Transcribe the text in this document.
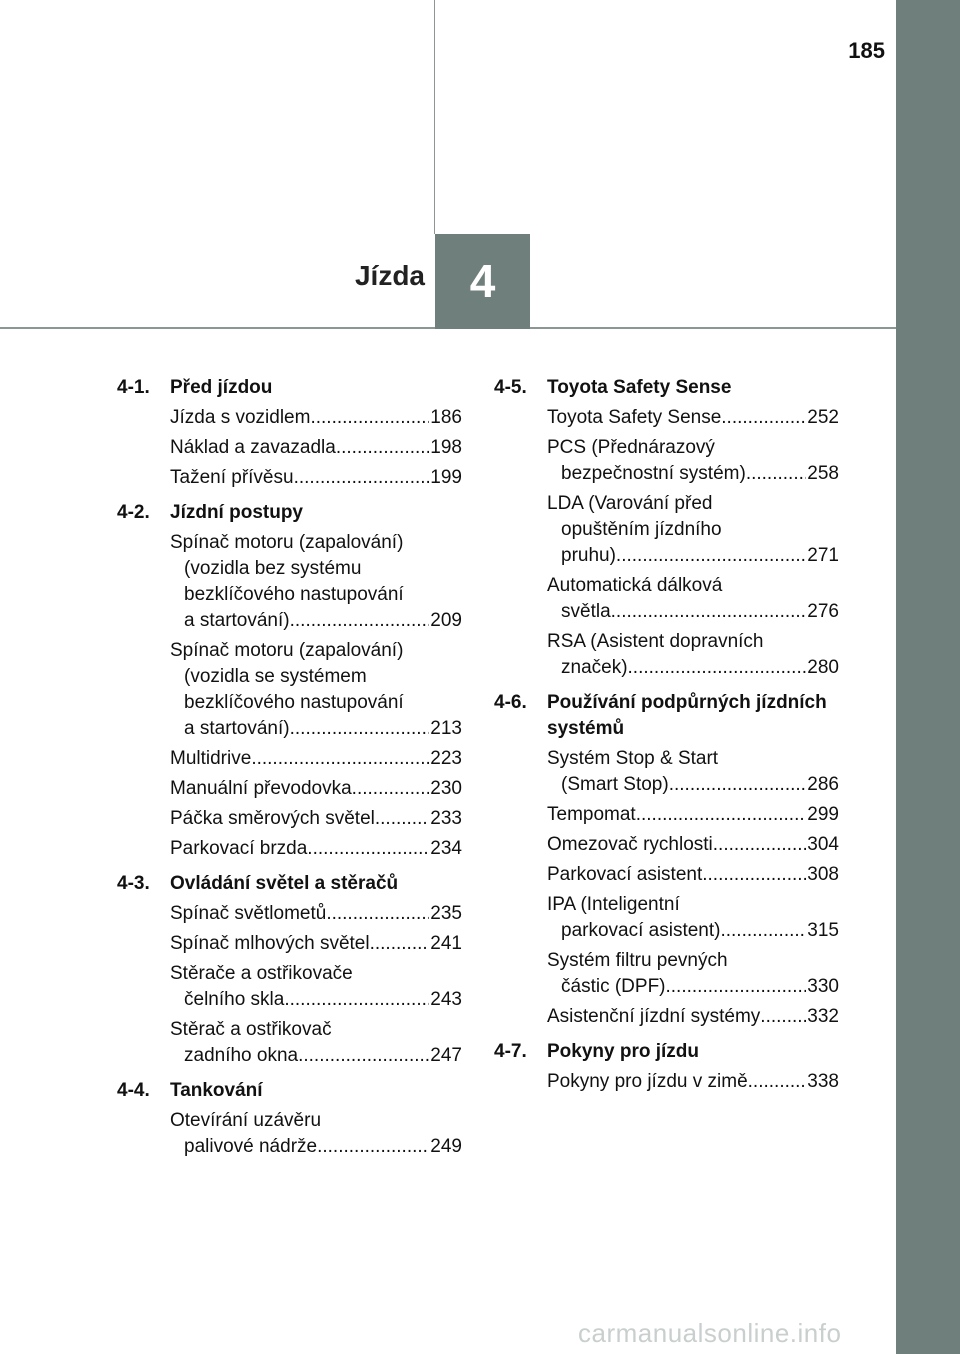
4
Jízda
185
4-1.	Před jízdou
Jízda s vozidlem .....	186
Náklad a zavazadla .....	198
Tažení přívěsu .....	199
4-2.	Jízdní postupy
Spínač motoru (zapalování)
(vozidla bez systému
bezklíčového nastupování
a startování) .....	209
Spínač motoru (zapalování)
(vozidla se systémem
bezklíčového nastupování
a startování) .....	213
Multidrive .....	223
Manuální převodovka .....	230
Páčka směrových světel .....	233
Parkovací brzda .....	234
4-3.	Ovládání světel a stěračů
Spínač světlometů .....	235
Spínač mlhových světel .....	241
Stěrače a ostřikovače
čelního skla .....	243
Stěrač a ostřikovač
zadního okna .....	247
4-4.	Tankování
Otevírání uzávěru
palivové nádrže .....	249
4-5.	Toyota Safety Sense
Toyota Safety Sense .....	252
PCS (Přednárazový
bezpečnostní systém) .....	258
LDA (Varování před
opuštěním jízdního
pruhu) .....	271
Automatická dálková
světla .....	276
RSA (Asistent dopravních
značek) .....	280
4-6.	Používání podpůrných jízdních systémů
Systém Stop & Start
(Smart Stop) .....	286
Tempomat .....	299
Omezovač rychlosti .....	304
Parkovací asistent .....	308
IPA (Inteligentní
parkovací asistent) .....	315
Systém filtru pevných
částic (DPF) .....	330
Asistenční jízdní systémy ..... 332
4-7.	Pokyny pro jízdu
Pokyny pro jízdu v zimě .....	338
carmanualsonline.info
